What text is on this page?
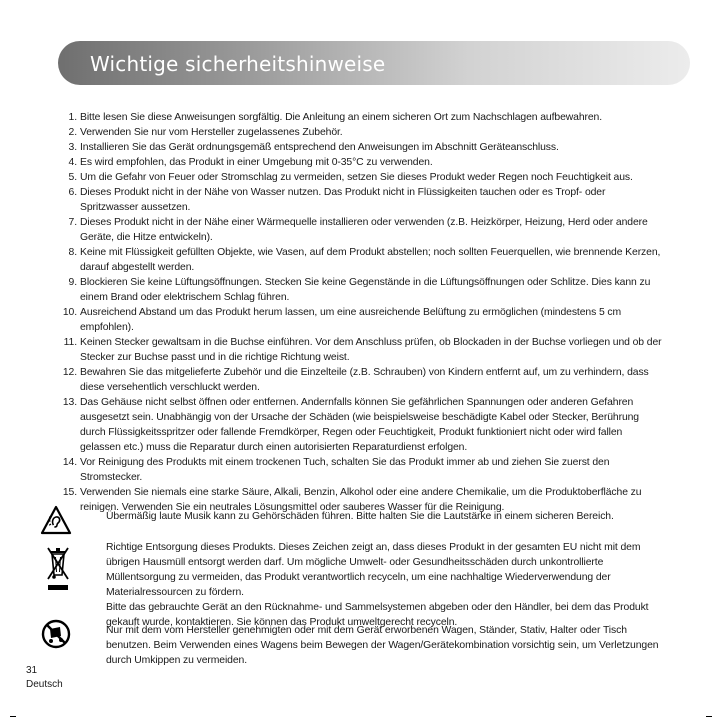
Wichtige sicherheitshinweise
1. Bitte lesen Sie diese Anweisungen sorgfältig. Die Anleitung an einem sicheren Ort zum Nachschlagen aufbewahren.
2. Verwenden Sie nur vom Hersteller zugelassenes Zubehör.
3. Installieren Sie das Gerät ordnungsgemäß entsprechend den Anweisungen im Abschnitt Geräteanschluss.
4. Es wird empfohlen, das Produkt in einer Umgebung mit 0-35°C zu verwenden.
5. Um die Gefahr von Feuer oder Stromschlag zu vermeiden, setzen Sie dieses Produkt weder Regen noch Feuchtigkeit aus.
6. Dieses Produkt nicht in der Nähe von Wasser nutzen. Das Produkt nicht in Flüssigkeiten tauchen oder es Tropf- oder Spritzwasser aussetzen.
7. Dieses Produkt nicht in der Nähe einer Wärmequelle installieren oder verwenden (z.B. Heizkörper, Heizung, Herd oder andere Geräte, die Hitze entwickeln).
8. Keine mit Flüssigkeit gefüllten Objekte, wie Vasen, auf dem Produkt abstellen; noch sollten Feuerquellen, wie brennende Kerzen, darauf abgestellt werden.
9. Blockieren Sie keine Lüftungsöffnungen. Stecken Sie keine Gegenstände in die Lüftungsöffnungen oder Schlitze. Dies kann zu einem Brand oder elektrischem Schlag führen.
10. Ausreichend Abstand um das Produkt herum lassen, um eine ausreichende Belüftung zu ermöglichen (mindestens 5 cm empfohlen).
11. Keinen Stecker gewaltsam in die Buchse einführen. Vor dem Anschluss prüfen, ob Blockaden in der Buchse vorliegen und ob der Stecker zur Buchse passt und in die richtige Richtung weist.
12. Bewahren Sie das mitgelieferte Zubehör und die Einzelteile (z.B. Schrauben) von Kindern entfernt auf, um zu verhindern, dass diese versehentlich verschluckt werden.
13. Das Gehäuse nicht selbst öffnen oder entfernen. Andernfalls können Sie gefährlichen Spannungen oder anderen Gefahren ausgesetzt sein. Unabhängig von der Ursache der Schäden (wie beispielsweise beschädigte Kabel oder Stecker, Berührung durch Flüssigkeitsspritzer oder fallende Fremdkörper, Regen oder Feuchtigkeit, Produkt funktioniert nicht oder wird fallen gelassen etc.) muss die Reparatur durch einen autorisierten Reparaturdienst erfolgen.
14. Vor Reinigung des Produkts mit einem trockenen Tuch, schalten Sie das Produkt immer ab und ziehen Sie zuerst den Stromstecker.
15. Verwenden Sie niemals eine starke Säure, Alkali, Benzin, Alkohol oder eine andere Chemikalie, um die Produktoberfläche zu reinigen. Verwenden Sie ein neutrales Lösungsmittel oder sauberes Wasser für die Reinigung.

Übermäßig laute Musik kann zu Gehörschäden führen. Bitte halten Sie die Lautstärke in einem sicheren Bereich.

Richtige Entsorgung dieses Produkts. Dieses Zeichen zeigt an, dass dieses Produkt in der gesamten EU nicht mit dem übrigen Hausmüll entsorgt werden darf. Um mögliche Umwelt- oder Gesundheitsschäden durch unkontrollierte Müllentsorgung zu vermeiden, das Produkt verantwortlich recyceln, um eine nachhaltige Wiederverwendung der Materialressourcen zu fördern.

Bitte das gebrauchte Gerät an den Rücknahme- und Sammelsystemen abgeben oder den Händler, bei dem das Produkt gekauft wurde, kontaktieren. Sie können das Produkt umweltgerecht recyceln.

Nur mit dem vom Hersteller genehmigten oder mit dem Gerät erworbenen Wagen, Ständer, Stativ, Halter oder Tisch benutzen. Beim Verwenden eines Wagens beim Bewegen der Wagen/Gerätekombination vorsichtig sein, um Verletzungen durch Umkippen zu vermeiden.

31
Deutsch
